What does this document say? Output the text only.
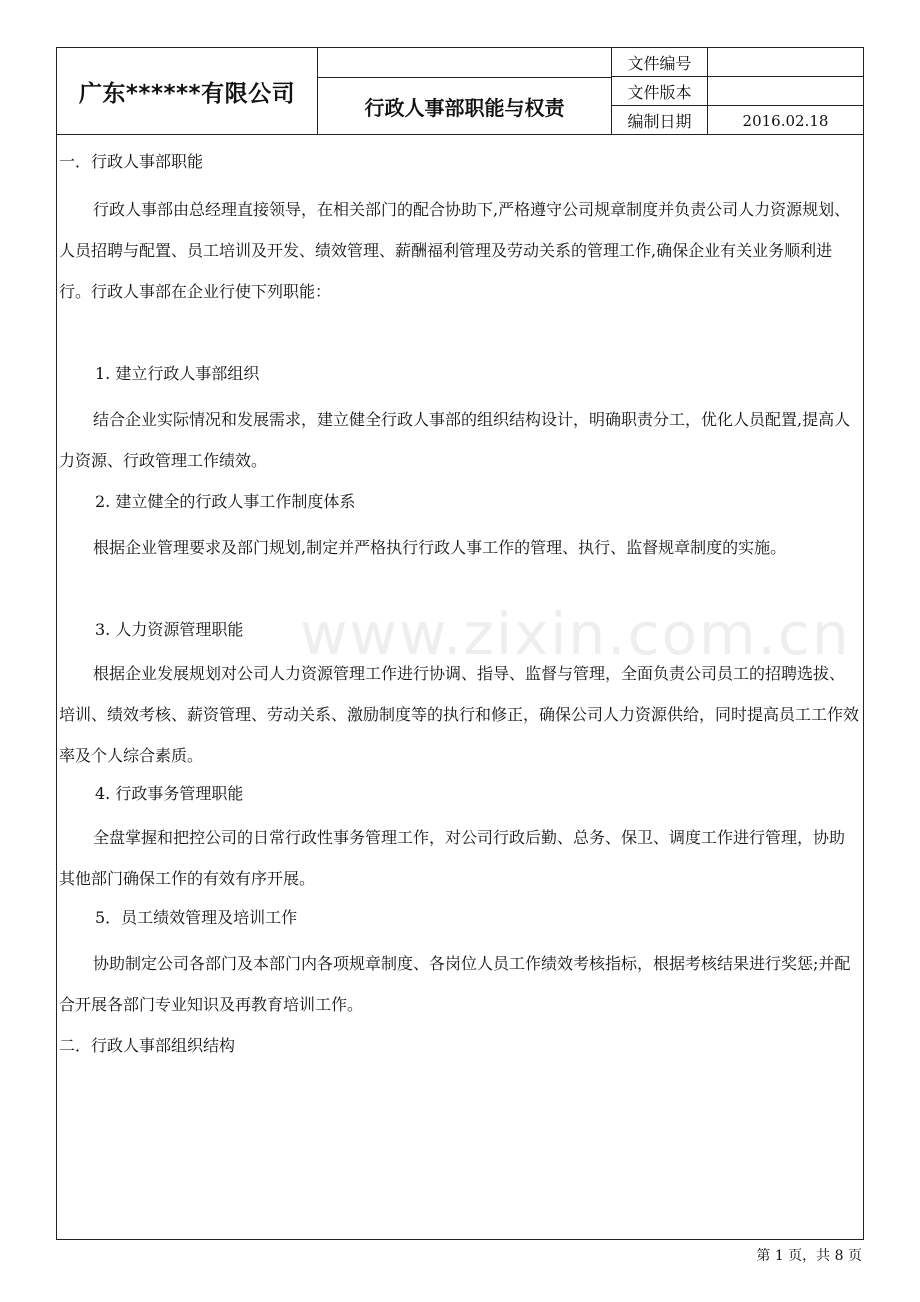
广东******有限公司
行政人事部职能与权责
文件编号
文件版本
编制日期	2016.02.18

一．行政人事部职能

行政人事部由总经理直接领导，在相关部门的配合协助下,严格遵守公司规章制度并负责公司人力资源规划、人员招聘与配置、员工培训及开发、绩效管理、薪酬福利管理及劳动关系的管理工作,确保企业有关业务顺利进行。行政人事部在企业行使下列职能：

1. 建立行政人事部组织

结合企业实际情况和发展需求，建立健全行政人事部的组织结构设计，明确职责分工，优化人员配置,提高人力资源、行政管理工作绩效。

2. 建立健全的行政人事工作制度体系

根据企业管理要求及部门规划,制定并严格执行行政人事工作的管理、执行、监督规章制度的实施。

3. 人力资源管理职能

根据企业发展规划对公司人力资源管理工作进行协调、指导、监督与管理，全面负责公司员工的招聘选拔、培训、绩效考核、薪资管理、劳动关系、激励制度等的执行和修正，确保公司人力资源供给，同时提高员工工作效率及个人综合素质。

4. 行政事务管理职能

全盘掌握和把控公司的日常行政性事务管理工作，对公司行政后勤、总务、保卫、调度工作进行管理，协助其他部门确保工作的有效有序开展。

5．员工绩效管理及培训工作

协助制定公司各部门及本部门内各项规章制度、各岗位人员工作绩效考核指标，根据考核结果进行奖惩;并配合开展各部门专业知识及再教育培训工作。

二．行政人事部组织结构

www.zixin.com.cn
第 1 页，共 8 页
